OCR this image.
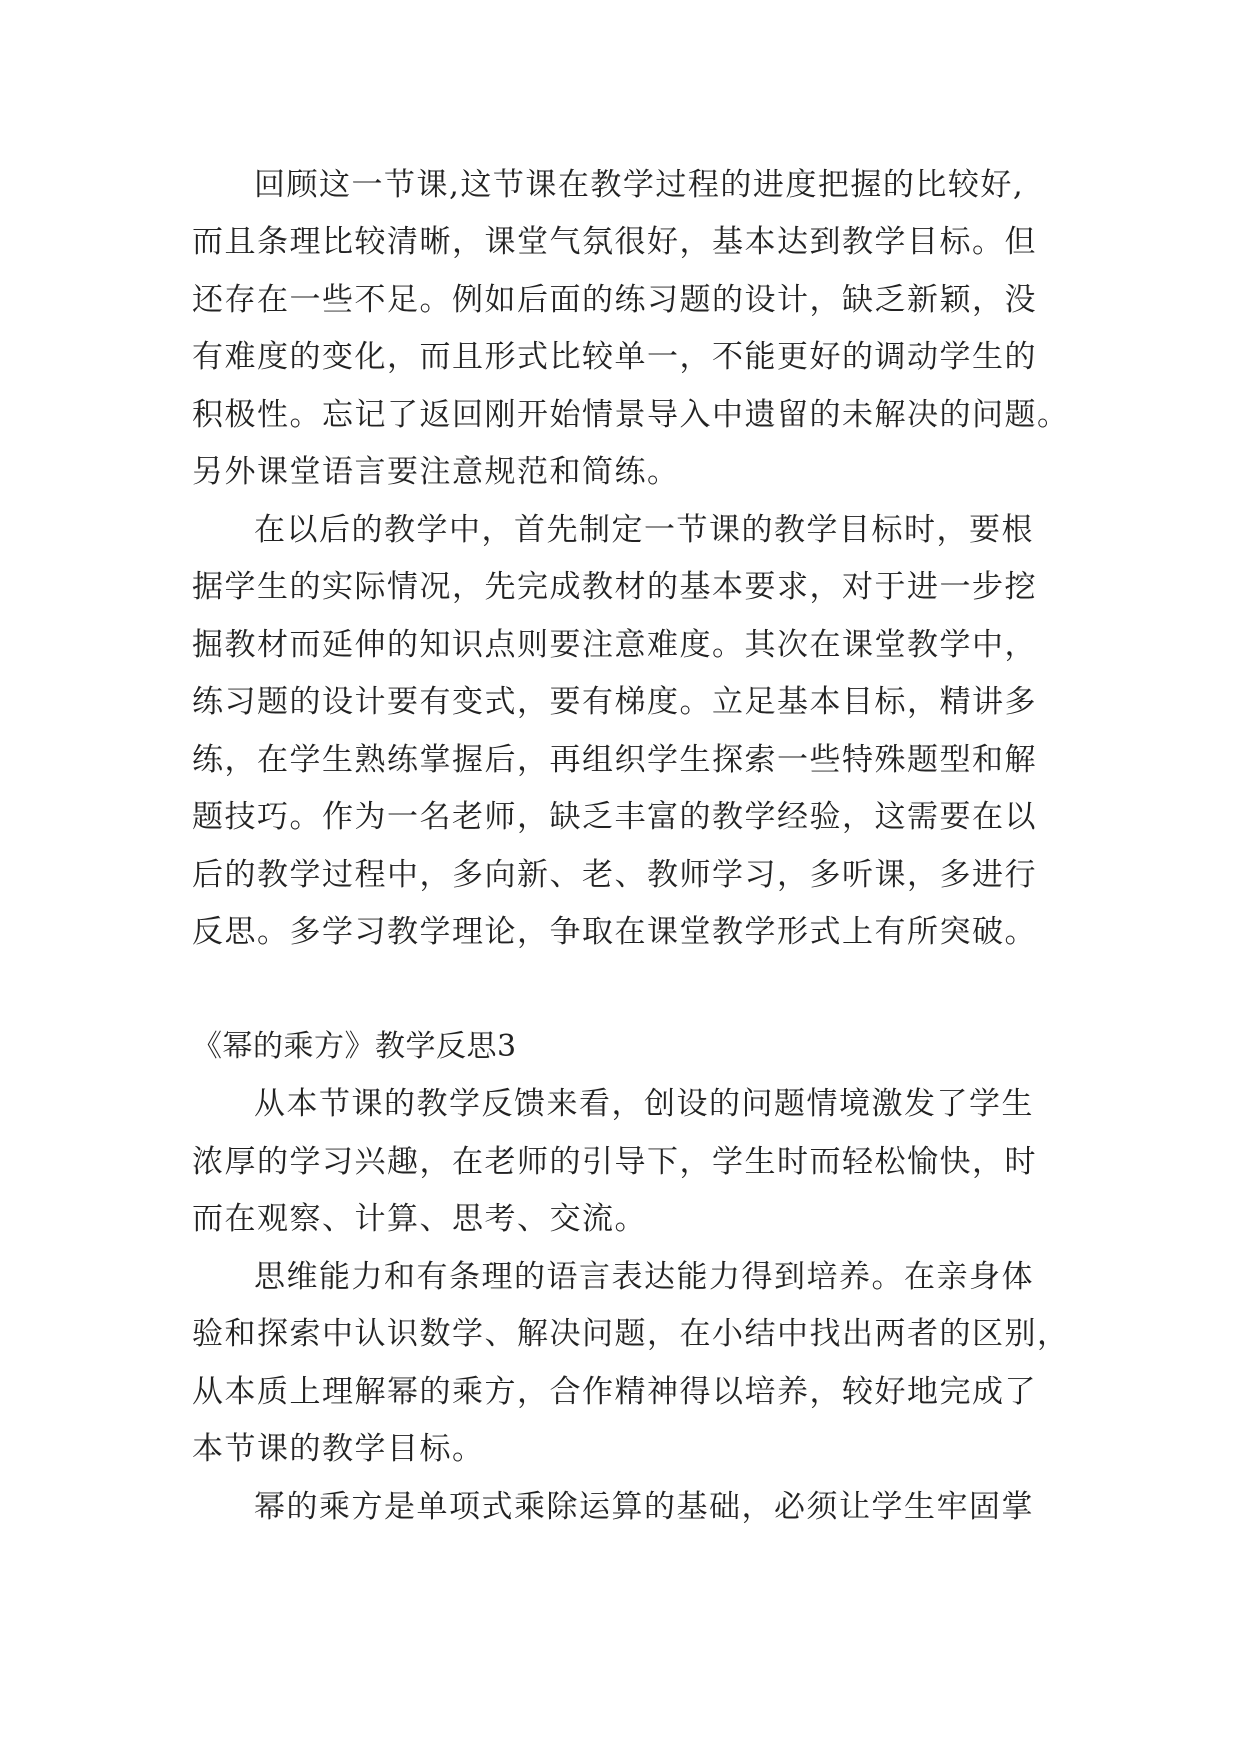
回顾这一节课,这节课在教学过程的进度把握的比较好,
而且条理比较清晰，课堂气氛很好，基本达到教学目标。但
还存在一些不足。例如后面的练习题的设计，缺乏新颖，没
有难度的变化，而且形式比较单一，不能更好的调动学生的
积极性。忘记了返回刚开始情景导入中遗留的未解决的问题。
另外课堂语言要注意规范和简练。
在以后的教学中，首先制定一节课的教学目标时，要根
据学生的实际情况，先完成教材的基本要求，对于进一步挖
掘教材而延伸的知识点则要注意难度。其次在课堂教学中，
练习题的设计要有变式，要有梯度。立足基本目标，精讲多
练，在学生熟练掌握后，再组织学生探索一些特殊题型和解
题技巧。作为一名老师，缺乏丰富的教学经验，这需要在以
后的教学过程中，多向新、老、教师学习，多听课，多进行
反思。多学习教学理论，争取在课堂教学形式上有所突破。
《幂的乘方》教学反思3
从本节课的教学反馈来看，创设的问题情境激发了学生
浓厚的学习兴趣，在老师的引导下，学生时而轻松愉快，时
而在观察、计算、思考、交流。
思维能力和有条理的语言表达能力得到培养。在亲身体
验和探索中认识数学、解决问题，在小结中找出两者的区别，
从本质上理解幂的乘方，合作精神得以培养，较好地完成了
本节课的教学目标。
幂的乘方是单项式乘除运算的基础，必须让学生牢固掌
